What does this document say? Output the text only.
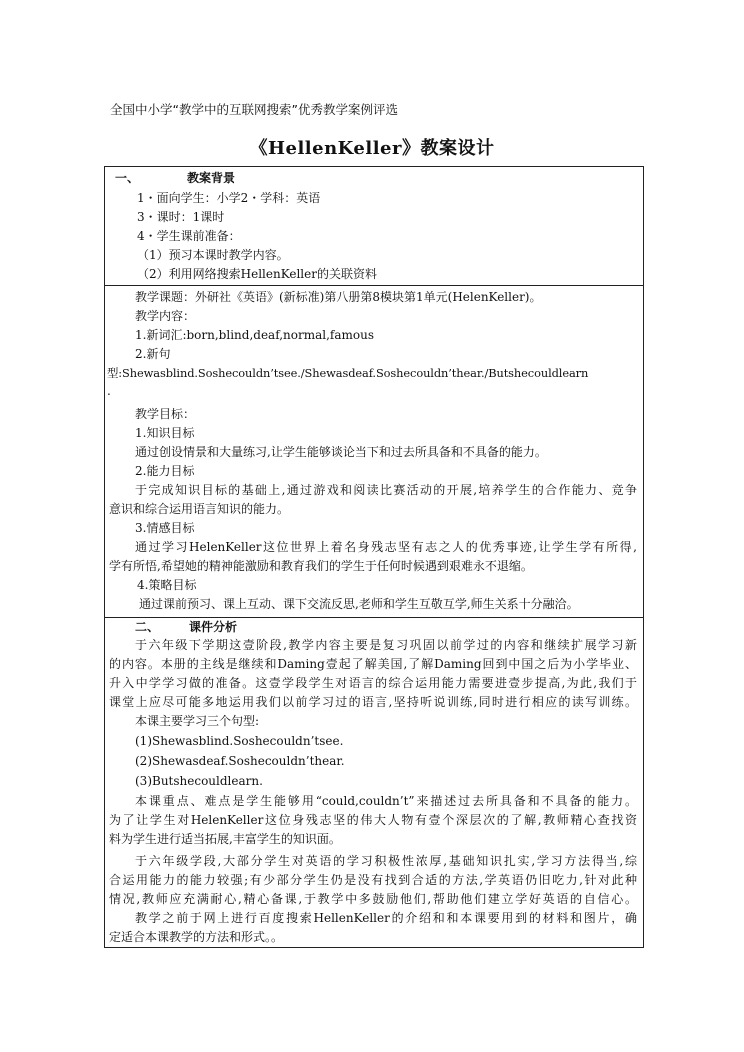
全国中小学“教学中的互联网搜索”优秀教学案例评选
《HellenKeller》教案设计
一、	教案背景
1・面向学生：小学2・学科：英语
3・课时：1课时
4・学生课前准备：
（1）预习本课时教学内容。
（2）利用网络搜索HellenKeller的关联资料
教学课题：外研社《英语》(新标准)第八册第8模块第1单元(HelenKeller)。
教学内容：
1.新词汇:born,blind,deaf,normal,famous
2.新句
型:Shewasblind.Soshecouldn’tsee./Shewasdeaf.Soshecouldn’thear./Butshecouldlearn
.
教学目标：
1.知识目标
通过创设情景和大量练习,让学生能够谈论当下和过去所具备和不具备的能力。
2.能力目标
于完成知识目标的基础上,通过游戏和阅读比赛活动的开展,培养学生的合作能力、竞争
意识和综合运用语言知识的能力。
3.情感目标
通过学习HelenKeller这位世界上着名身残志坚有志之人的优秀事迹,让学生学有所得,
学有所悟,希望她的精神能激励和教育我们的学生于任何时候遇到艰难永不退缩。
4.策略目标
通过课前预习、课上互动、课下交流反思,老师和学生互敬互学,师生关系十分融洽。
二、 课件分析
于六年级下学期这壹阶段,教学内容主要是复习巩固以前学过的内容和继续扩展学习新
的内容。本册的主线是继续和Daming壹起了解美国,了解Daming回到中国之后为小学毕业、
升入中学学习做的准备。这壹学段学生对语言的综合运用能力需要进壹步提高,为此,我们于
课堂上应尽可能多地运用我们以前学习过的语言,坚持听说训练,同时进行相应的读写训练。
本课主要学习三个句型:
(1)Shewasblind.Soshecouldn’tsee.
(2)Shewasdeaf.Soshecouldn’thear.
(3)Butshecouldlearn.
本课重点、难点是学生能够用“could,couldn’t”来描述过去所具备和不具备的能力。
为了让学生对HelenKeller这位身残志坚的伟大人物有壹个深层次的了解,教师精心查找资
料为学生进行适当拓展,丰富学生的知识面。
于六年级学段,大部分学生对英语的学习积极性浓厚,基础知识扎实,学习方法得当,综
合运用能力的能力较强;有少部分学生仍是没有找到合适的方法,学英语仍旧吃力,针对此种
情况,教师应充满耐心,精心备课,于教学中多鼓励他们,帮助他们建立学好英语的自信心。
教学之前于网上进行百度搜索HellenKeller的介绍和和本课要用到的材料和图片，确
定适合本课教学的方法和形式。。
